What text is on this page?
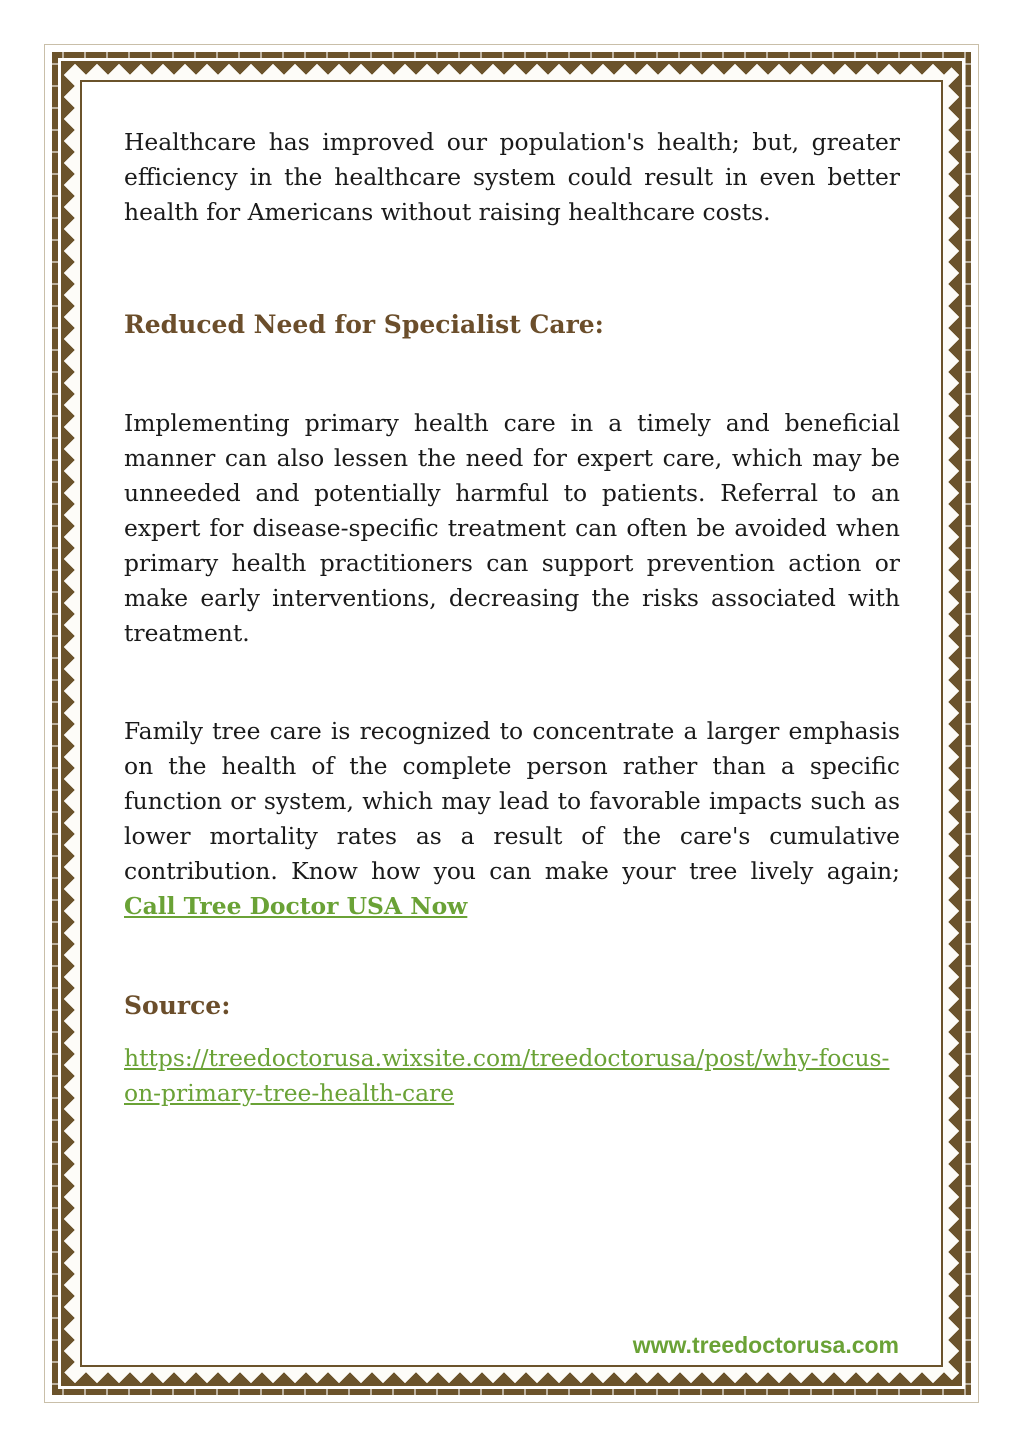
Healthcare has improved our population's health; but, greater efficiency in the healthcare system could result in even better health for Americans without raising healthcare costs.

Reduced Need for Specialist Care:

Implementing primary health care in a timely and beneficial manner can also lessen the need for expert care, which may be unneeded and potentially harmful to patients. Referral to an expert for disease-specific treatment can often be avoided when primary health practitioners can support prevention action or make early interventions, decreasing the risks associated with treatment.

Family tree care is recognized to concentrate a larger emphasis on the health of the complete person rather than a specific function or system, which may lead to favorable impacts such as lower mortality rates as a result of the care's cumulative contribution. Know how you can make your tree lively again; Call Tree Doctor USA Now

Source:

https://treedoctorusa.wixsite.com/treedoctorusa/post/why-focus-on-primary-tree-health-care

www.treedoctorusa.com
